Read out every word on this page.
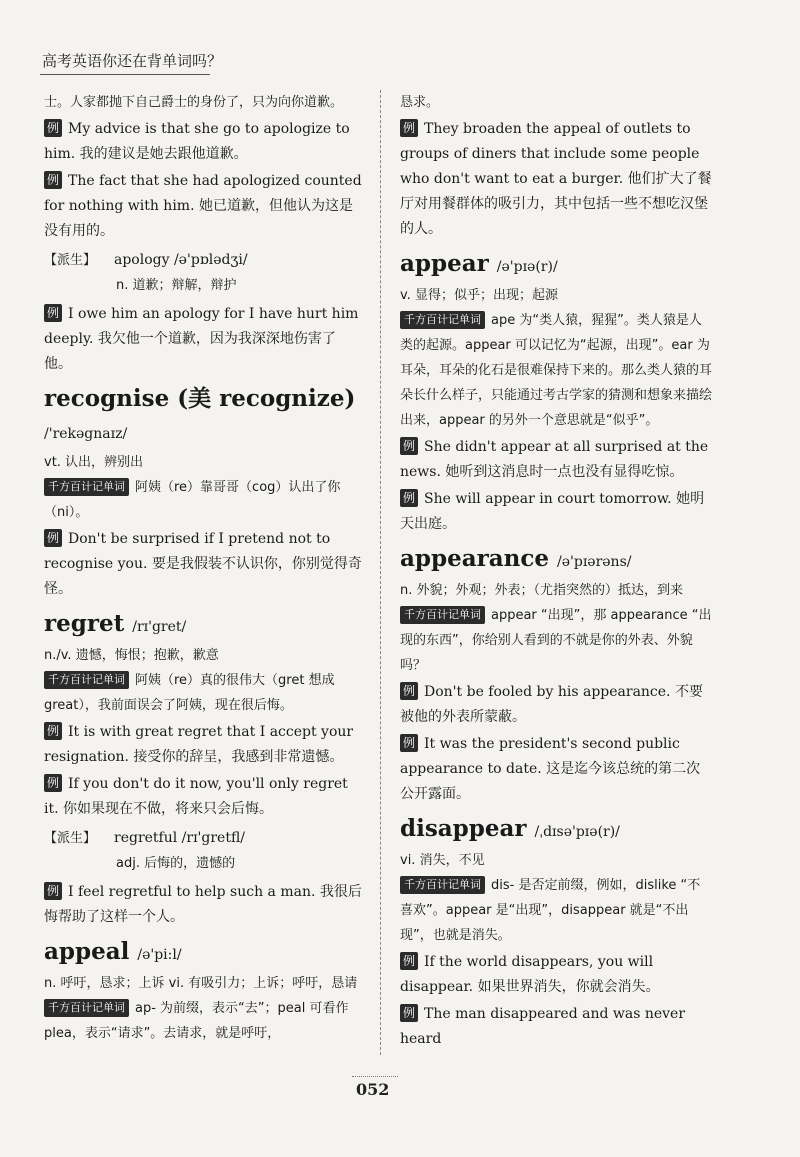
高考英语你还在背单词吗？

士。人家都抛下自己爵士的身份了，只为向你道歉。

例 My advice is that she go to apologize to him. 我的建议是她去跟他道歉。

例 The fact that she had apologized counted for nothing with him. 她已道歉，但他认为这是没有用的。

【派生】 apology /ə'pɒlədʒi/
n. 道歉；辩解，辩护

例 I owe him an apology for I have hurt him deeply. 我欠他一个道歉，因为我深深地伤害了他。

recognise (美 recognize) /'rekəgnaɪz/
vt. 认出，辨别出

千方百计记单词 阿姨（re）靠哥哥（cog）认出了你（ni）。

例 Don't be surprised if I pretend not to recognise you. 要是我假装不认识你，你别觉得奇怪。

regret /rɪ'gret/
n./v. 遗憾，悔恨；抱歉，歉意

千方百计记单词 阿姨（re）真的很伟大（gret 想成 great），我前面误会了阿姨，现在很后悔。

例 It is with great regret that I accept your resignation. 接受你的辞呈，我感到非常遗憾。

例 If you don't do it now, you'll only regret it. 你如果现在不做，将来只会后悔。

【派生】 regretful /rɪ'gretfl/
adj. 后悔的，遗憾的

例 I feel regretful to help such a man. 我很后悔帮助了这样一个人。

appeal /ə'pi:l/
n. 呼吁，恳求；上诉 vi. 有吸引力；上诉；呼吁，恳请

千方百计记单词 ap- 为前缀，表示“去”；peal 可看作 plea，表示“请求”。去请求，就是呼吁，

恳求。

例 They broaden the appeal of outlets to groups of diners that include some people who don't want to eat a burger. 他们扩大了餐厅对用餐群体的吸引力，其中包括一些不想吃汉堡的人。

appear /ə'pɪə(r)/
v. 显得；似乎；出现；起源

千方百计记单词 ape 为“类人猿，猩猩”。类人猿是人类的起源。appear 可以记忆为“起源，出现”。ear 为耳朵，耳朵的化石是很难保持下来的。那么类人猿的耳朵长什么样子，只能通过考古学家的猜测和想象来描绘出来，appear 的另外一个意思就是“似乎”。

例 She didn't appear at all surprised at the news. 她听到这消息时一点也没有显得吃惊。

例 She will appear in court tomorrow. 她明天出庭。

appearance /ə'pɪərəns/
n. 外貌；外观；外表；（尤指突然的）抵达，到来

千方百计记单词 appear “出现”，那 appearance “出现的东西”，你给别人看到的不就是你的外表、外貌吗？

例 Don't be fooled by his appearance. 不要被他的外表所蒙蔽。

例 It was the president's second public appearance to date. 这是迄今该总统的第二次公开露面。

disappear /ˌdɪsə'pɪə(r)/
vi. 消失，不见

千方百计记单词 dis- 是否定前缀，例如，dislike “不喜欢”。appear 是“出现”，disappear 就是“不出现”，也就是消失。

例 If the world disappears, you will disappear. 如果世界消失，你就会消失。

例 The man disappeared and was never heard

052
